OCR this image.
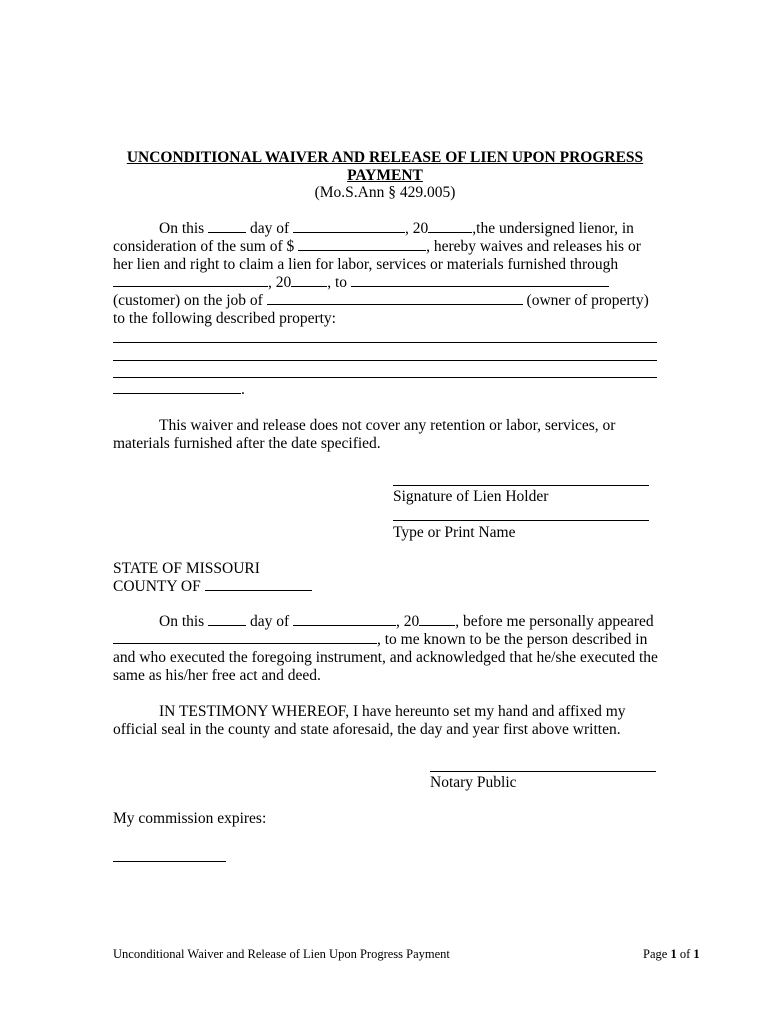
UNCONDITIONAL WAIVER AND RELEASE OF LIEN UPON PROGRESS
PAYMENT
(Mo.S.Ann § 429.005)
On this	day of	, 20	,the undersigned lienor, in
consideration of the sum of $	, hereby waives and releases his or
her lien and right to claim a lien for labor, services or materials furnished through
, 20 , to
(customer) on the job of	(owner of property)
to the following described property:
.
This waiver and release does not cover any retention or labor, services, or
materials furnished after the date specified.
Signature of Lien Holder
Type or Print Name
STATE OF MISSOURI
COUNTY OF
On this	day of	, 20 , before me personally appeared
, to me known to be the person described in
and who executed the foregoing instrument, and acknowledged that he/she executed the
same as his/her free act and deed.
IN TESTIMONY WHEREOF, I have hereunto set my hand and affixed my
official seal in the county and state aforesaid, the day and year first above written.
Notary Public
My commission expires:
Unconditional Waiver and Release of Lien Upon Progress Payment	Page 1 of 1
